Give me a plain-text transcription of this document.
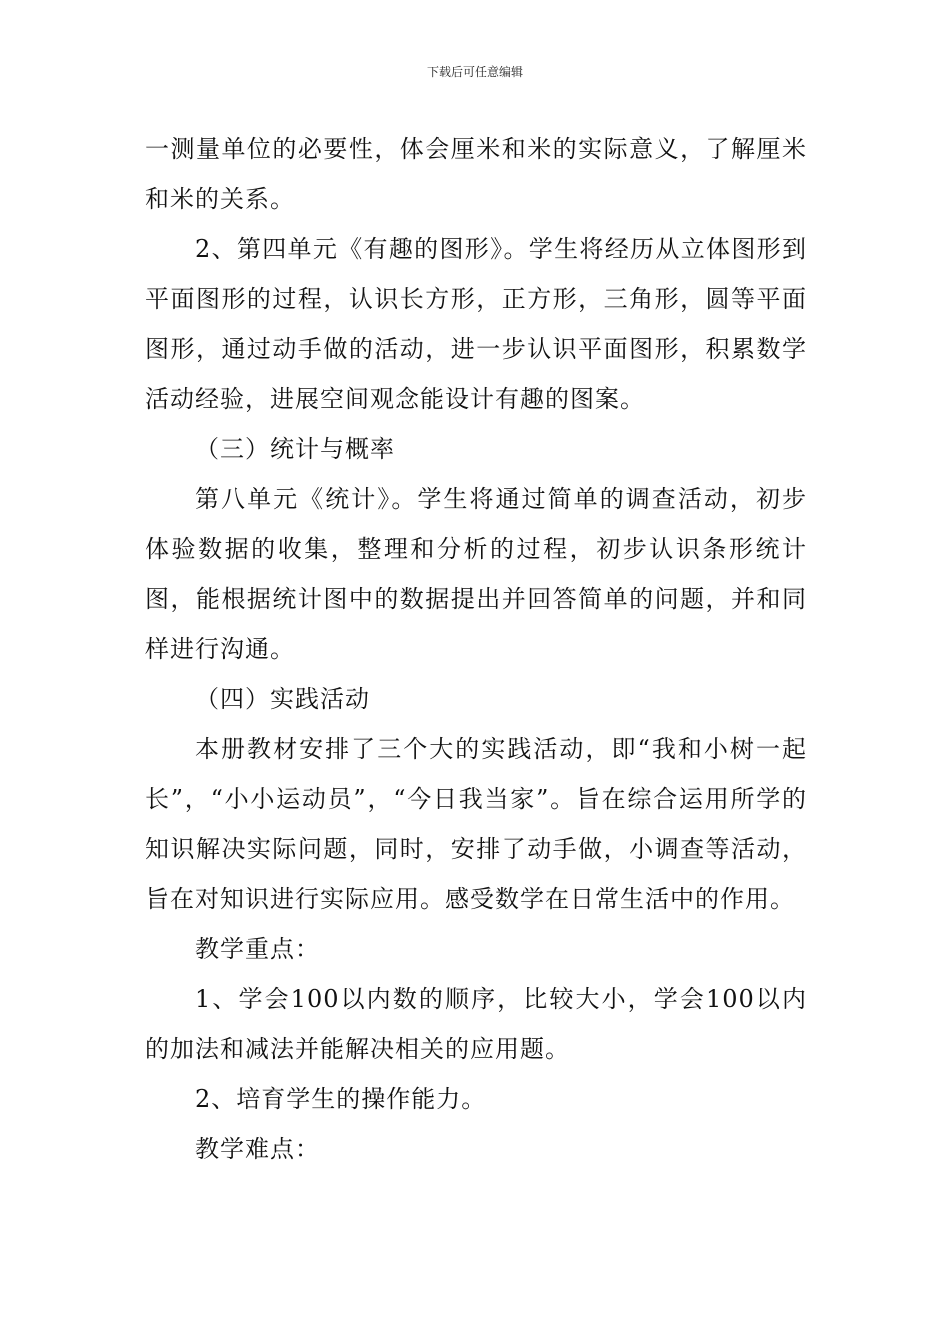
下载后可任意编辑

一测量单位的必要性，体会厘米和米的实际意义，了解厘米和米的关系。

2、第四单元《有趣的图形》。学生将经历从立体图形到平面图形的过程，认识长方形，正方形，三角形，圆等平面图形，通过动手做的活动，进一步认识平面图形，积累数学活动经验，进展空间观念能设计有趣的图案。

（三）统计与概率

第八单元《统计》。学生将通过简单的调查活动，初步体验数据的收集，整理和分析的过程，初步认识条形统计图，能根据统计图中的数据提出并回答简单的问题，并和同样进行沟通。

（四）实践活动

本册教材安排了三个大的实践活动，即“我和小树一起长”，“小小运动员”，“今日我当家”。旨在综合运用所学的知识解决实际问题，同时，安排了动手做，小调查等活动，旨在对知识进行实际应用。感受数学在日常生活中的作用。

教学重点：

1、学会100以内数的顺序，比较大小，学会100以内的加法和减法并能解决相关的应用题。

2、培育学生的操作能力。

教学难点：
